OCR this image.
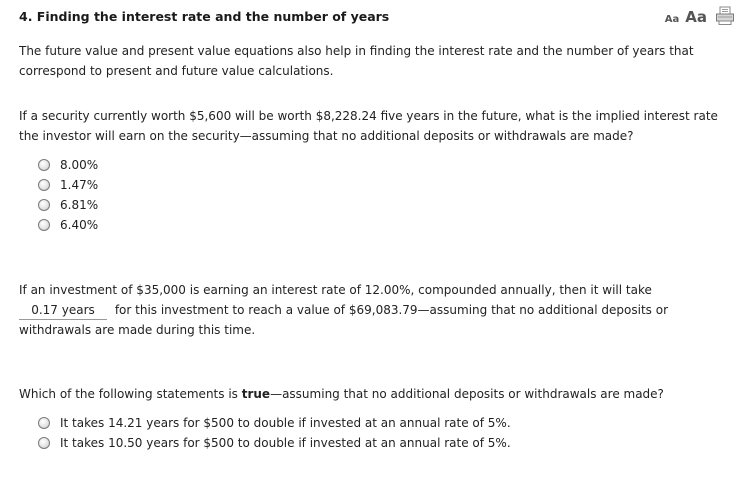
4. Finding the interest rate and the number of years	Aa Aa

The future value and present value equations also help in finding the interest rate and the number of years that correspond to present and future value calculations.

If a security currently worth $5,600 will be worth $8,228.24 five years in the future, what is the implied interest rate the investor will earn on the security—assuming that no additional deposits or withdrawals are made?

8.00%
1.47%
6.81%
6.40%

If an investment of $35,000 is earning an interest rate of 12.00%, compounded annually, then it will take
0.17 years for this investment to reach a value of $69,083.79—assuming that no additional deposits or withdrawals are made during this time.

Which of the following statements is true—assuming that no additional deposits or withdrawals are made?

It takes 14.21 years for $500 to double if invested at an annual rate of 5%.
It takes 10.50 years for $500 to double if invested at an annual rate of 5%.
